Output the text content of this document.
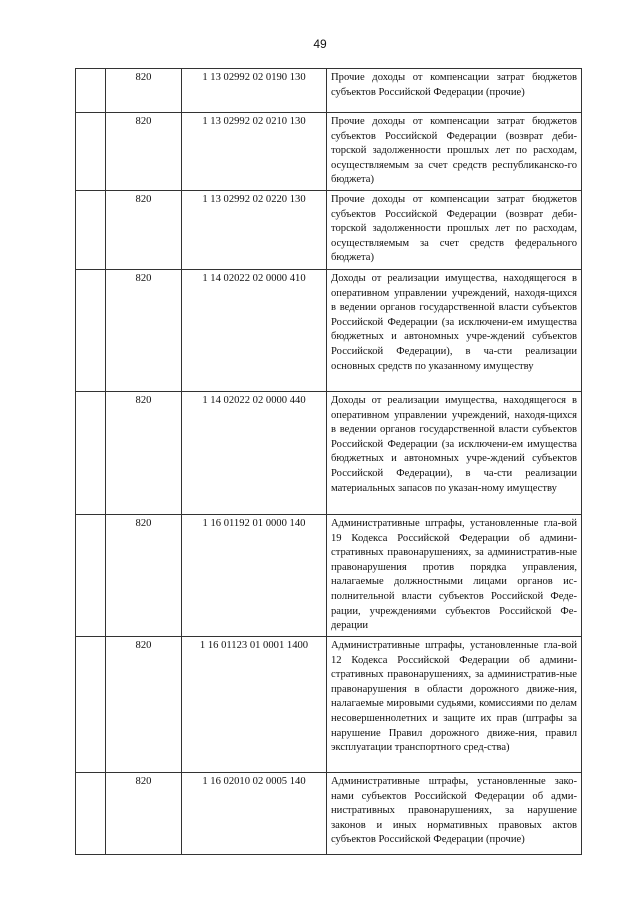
49
	820	1 13 02992 02 0190 130	Прочие доходы от компенсации затрат бюджетов субъектов Российской Федерации (прочие)
	820	1 13 02992 02 0210 130	Прочие доходы от компенсации затрат бюджетов субъектов Российской Федерации (возврат деби-торской задолженности прошлых лет по расходам, осуществляемым за счет средств республиканско-го бюджета)
	820	1 13 02992 02 0220 130	Прочие доходы от компенсации затрат бюджетов субъектов Российской Федерации (возврат деби-торской задолженности прошлых лет по расходам, осуществляемым за счет средств федерального бюджета)
	820	1 14 02022 02 0000 410	Доходы от реализации имущества, находящегося в оперативном управлении учреждений, находя-щихся в ведении органов государственной власти субъектов Российской Федерации (за исключени-ем имущества бюджетных и автономных учре-ждений субъектов Российской Федерации), в ча-сти реализации основных средств по указанному имуществу
	820	1 14 02022 02 0000 440	Доходы от реализации имущества, находящегося в оперативном управлении учреждений, находя-щихся в ведении органов государственной власти субъектов Российской Федерации (за исключени-ем имущества бюджетных и автономных учре-ждений субъектов Российской Федерации), в ча-сти реализации материальных запасов по указан-ному имуществу
	820	1 16 01192 01 0000 140	Административные штрафы, установленные гла-вой 19 Кодекса Российской Федерации об админи-стративных правонарушениях, за административ-ные правонарушения против порядка управления, налагаемые должностными лицами органов ис-полнительной власти субъектов Российской Феде-рации, учреждениями субъектов Российской Фе-дерации
	820	1 16 01123 01 0001 1400	Административные штрафы, установленные гла-вой 12 Кодекса Российской Федерации об админи-стративных правонарушениях, за административ-ные правонарушения в области дорожного движе-ния, налагаемые мировыми судьями, комиссиями по делам несовершеннолетних и защите их прав (штрафы за нарушение Правил дорожного движе-ния, правил эксплуатации транспортного сред-ства)
	820	1 16 02010 02 0005 140	Административные штрафы, установленные зако-нами субъектов Российской Федерации об адми-нистративных правонарушениях, за нарушение законов и иных нормативных правовых актов субъектов Российской Федерации (прочие)
